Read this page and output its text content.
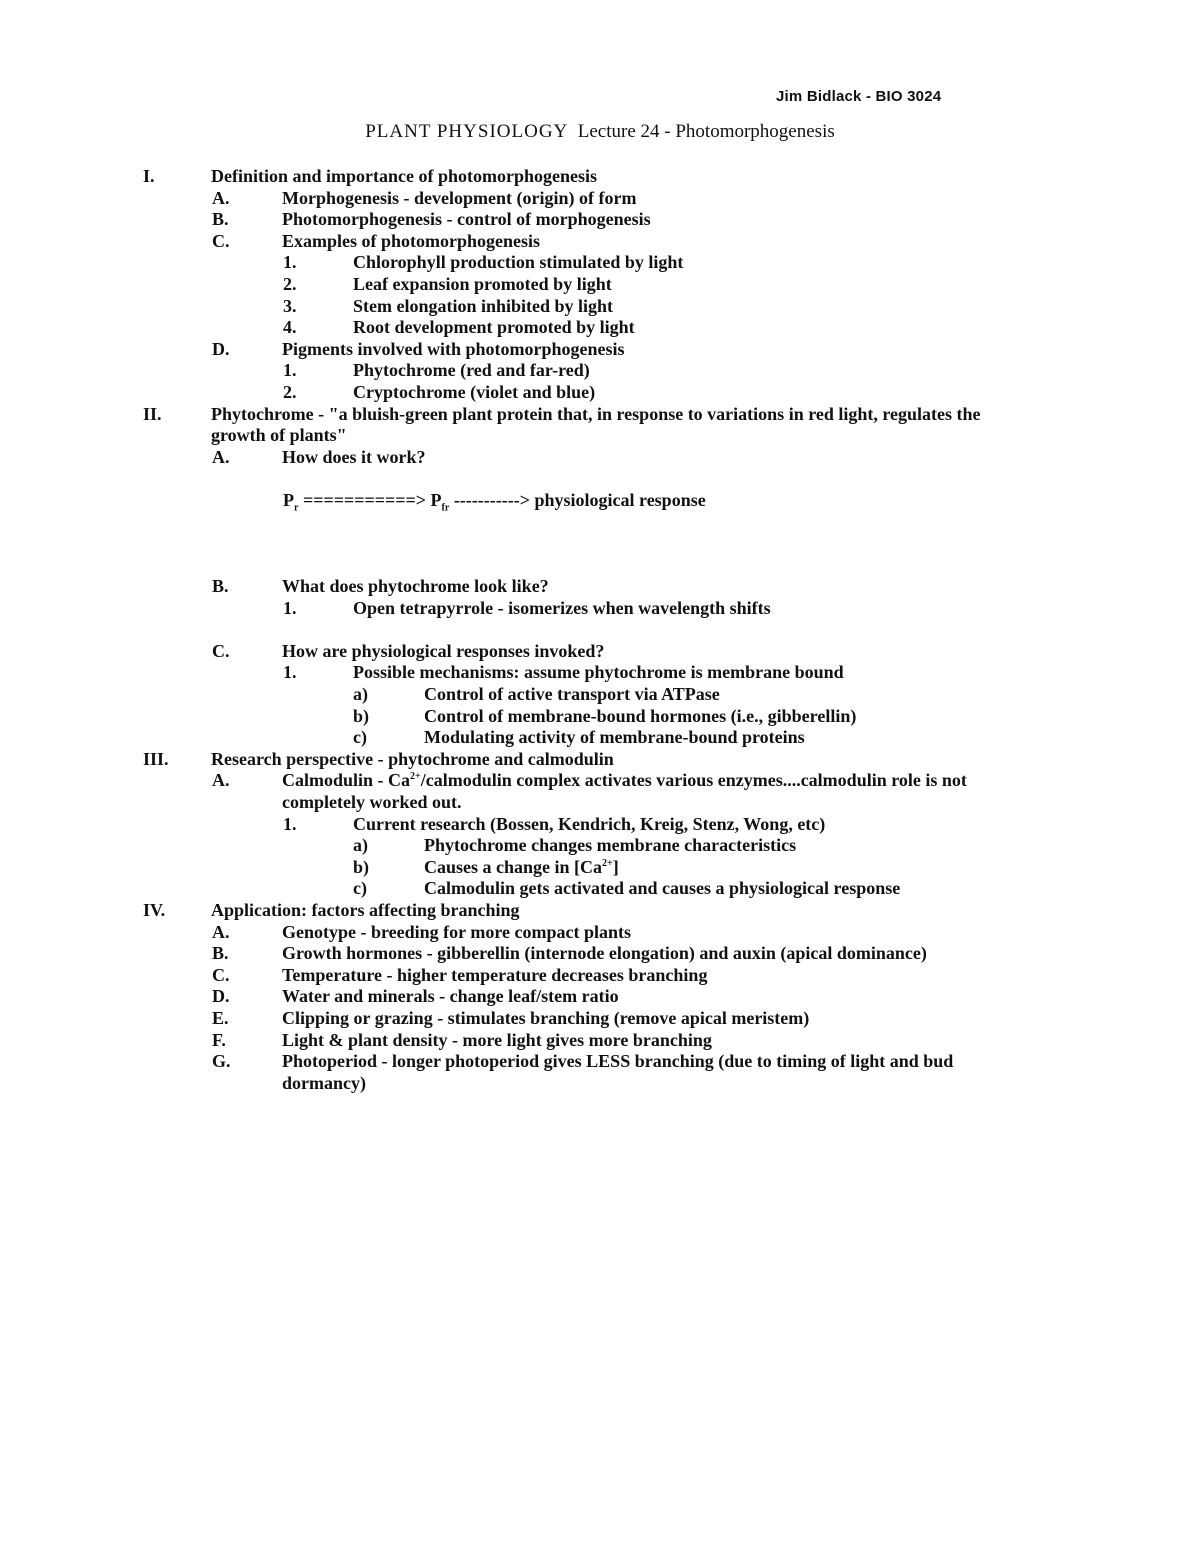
Jim Bidlack - BIO 3024
PLANT PHYSIOLOGY Lecture 24 - Photomorphogenesis
I.	Definition and importance of photomorphogenesis
A.	Morphogenesis - development (origin) of form
B.	Photomorphogenesis - control of morphogenesis
C.	Examples of photomorphogenesis
1.	Chlorophyll production stimulated by light
2.	Leaf expansion promoted by light
3.	Stem elongation inhibited by light
4.	Root development promoted by light
D.	Pigments involved with photomorphogenesis
1.	Phytochrome (red and far-red)
2.	Cryptochrome (violet and blue)
II.	Phytochrome - "a bluish-green plant protein that, in response to variations in red light, regulates the
growth of plants"
A.	How does it work?
$P_r$ ===========> $P_{fr}$ -----------> physiological response
B.	What does phytochrome look like?
1.	Open tetrapyrrole - isomerizes when wavelength shifts
C.	How are physiological responses invoked?
1.	Possible mechanisms: assume phytochrome is membrane bound
a)	Control of active transport via ATPase
b)	Control of membrane-bound hormones (i.e., gibberellin)
c)	Modulating activity of membrane-bound proteins
III. Research perspective - phytochrome and calmodulin
A.	Calmodulin - $Ca^{2+}$/calmodulin complex activates various enzymes....calmodulin role is not
completely worked out.
1.	Current research (Bossen, Kendrich, Kreig, Stenz, Wong, etc)
a)	Phytochrome changes membrane characteristics
b)	Causes a change in $[Ca^{2+}]$
c)	Calmodulin gets activated and causes a physiological response
IV.	Application: factors affecting branching
A.	Genotype - breeding for more compact plants
B.	Growth hormones - gibberellin (internode elongation) and auxin (apical dominance)
C.	Temperature - higher temperature decreases branching
D.	Water and minerals - change leaf/stem ratio
E.	Clipping or grazing - stimulates branching (remove apical meristem)
F.	Light & plant density - more light gives more branching
G.	Photoperiod - longer photoperiod gives LESS branching (due to timing of light and bud
dormancy)
